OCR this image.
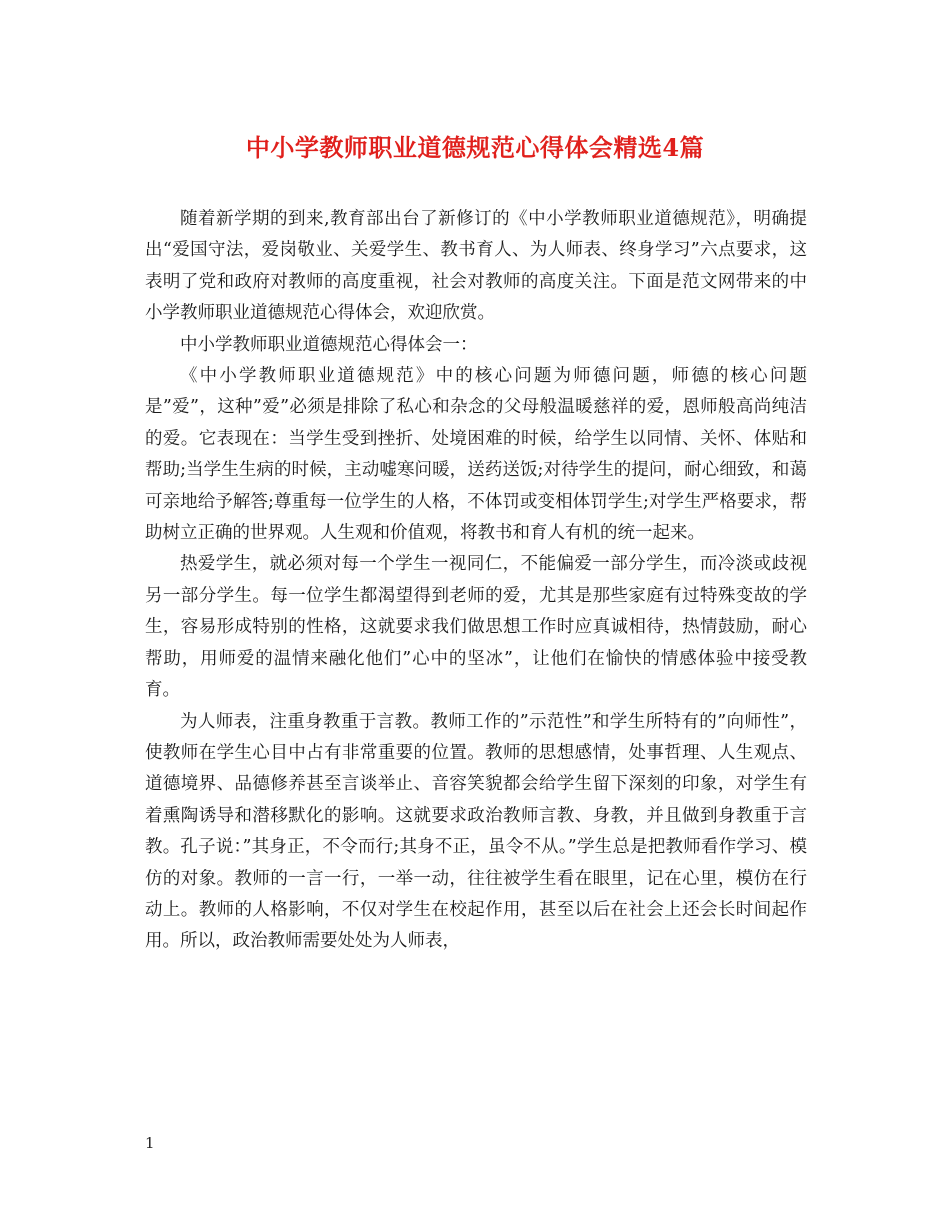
中小学教师职业道德规范心得体会精选4篇

随着新学期的到来,教育部出台了新修订的《中小学教师职业道德规范》，明确提出“爱国守法，爱岗敬业、关爱学生、教书育人、为人师表、终身学习”六点要求，这表明了党和政府对教师的高度重视，社会对教师的高度关注。下面是范文网带来的中小学教师职业道德规范心得体会，欢迎欣赏。

中小学教师职业道德规范心得体会一：

《中小学教师职业道德规范》中的核心问题为师德问题，师德的核心问题是”爱”，这种”爱”必须是排除了私心和杂念的父母般温暖慈祥的爱，恩师般高尚纯洁的爱。它表现在：当学生受到挫折、处境困难的时候，给学生以同情、关怀、体贴和帮助;当学生生病的时候，主动嘘寒问暖，送药送饭;对待学生的提问，耐心细致，和蔼可亲地给予解答;尊重每一位学生的人格，不体罚或变相体罚学生;对学生严格要求，帮助树立正确的世界观。人生观和价值观，将教书和育人有机的统一起来。

热爱学生，就必须对每一个学生一视同仁，不能偏爱一部分学生，而冷淡或歧视另一部分学生。每一位学生都渴望得到老师的爱，尤其是那些家庭有过特殊变故的学生，容易形成特别的性格，这就要求我们做思想工作时应真诚相待，热情鼓励，耐心帮助，用师爱的温情来融化他们”心中的坚冰”，让他们在愉快的情感体验中接受教育。

为人师表，注重身教重于言教。教师工作的”示范性”和学生所特有的”向师性”，使教师在学生心目中占有非常重要的位置。教师的思想感情，处事哲理、人生观点、道德境界、品德修养甚至言谈举止、音容笑貌都会给学生留下深刻的印象，对学生有着熏陶诱导和潜移默化的影响。这就要求政治教师言教、身教，并且做到身教重于言教。孔子说：”其身正，不令而行;其身不正，虽令不从。”学生总是把教师看作学习、模仿的对象。教师的一言一行，一举一动，往往被学生看在眼里，记在心里，模仿在行动上。教师的人格影响，不仅对学生在校起作用，甚至以后在社会上还会长时间起作用。所以，政治教师需要处处为人师表，

1
